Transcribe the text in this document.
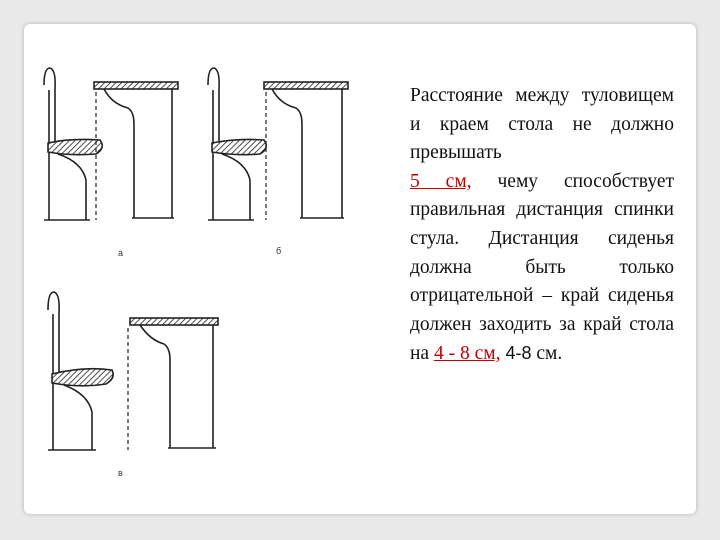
а	б
в

Расстояние между туловищем и краем стола не должно превышать

5 см, чему способствует правильная дистанция спинки стула. Дистанция сиденья должна быть только отрицательной – край сиденья должен заходить за край стола на 4 - 8 см, 4-8 см.
